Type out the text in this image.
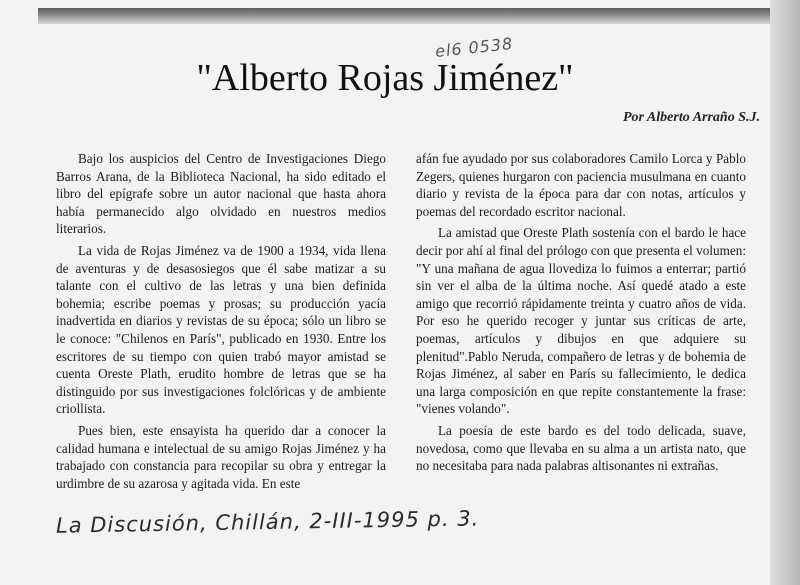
el6 0538
"Alberto Rojas Jiménez"
Por Alberto Arraño S.J.

Bajo los auspicios del Centro de Investigaciones Diego Barros Arana, de la Biblioteca Nacional, ha sido editado el libro del epígrafe sobre un autor nacional que hasta ahora había permanecido algo olvidado en nuestros medios literarios.

La vida de Rojas Jiménez va de 1900 a 1934, vida llena de aventuras y de desasosiegos que él sabe matizar a su talante con el cultivo de las letras y una bien definida bohemia; escribe poemas y prosas; su producción yacía inadvertida en diarios y revistas de su época; sólo un libro se le conoce: "Chilenos en París", publicado en 1930. Entre los escritores de su tiempo con quien trabó mayor amistad se cuenta Oreste Plath, erudito hombre de letras que se ha distinguido por sus investigaciones folclóricas y de ambiente criollista.

Pues bien, este ensayista ha querido dar a conocer la calidad humana e intelectual de su amigo Rojas Jiménez y ha trabajado con constancia para recopilar su obra y entregar la urdimbre de su azarosa y agitada vida. En este

afán fue ayudado por sus colaboradores Camilo Lorca y Pablo Zegers, quienes hurgaron con paciencia musulmana en cuanto diario y revista de la época para dar con notas, artículos y poemas del recordado escritor nacional.

La amistad que Oreste Plath sostenía con el bardo le hace decir por ahí al final del prólogo con que presenta el volumen: "Y una mañana de agua llovediza lo fuimos a enterrar; partió sin ver el alba de la última noche. Así quedé atado a este amigo que recorrió rápidamente treinta y cuatro años de vida. Por eso he querido recoger y juntar sus críticas de arte, poemas, artículos y dibujos en que adquiere su plenitud".Pablo Neruda, compañero de letras y de bohemia de Rojas Jiménez, al saber en París su fallecimiento, le dedica una larga composición en que repite constantemente la frase: "vienes volando".

La poesía de este bardo es del todo delicada, suave, novedosa, como que llevaba en su alma a un artista nato, que no necesitaba para nada palabras altisonantes ni extrañas.

La Discusión, Chillán, 2-III-1995 p. 3.
